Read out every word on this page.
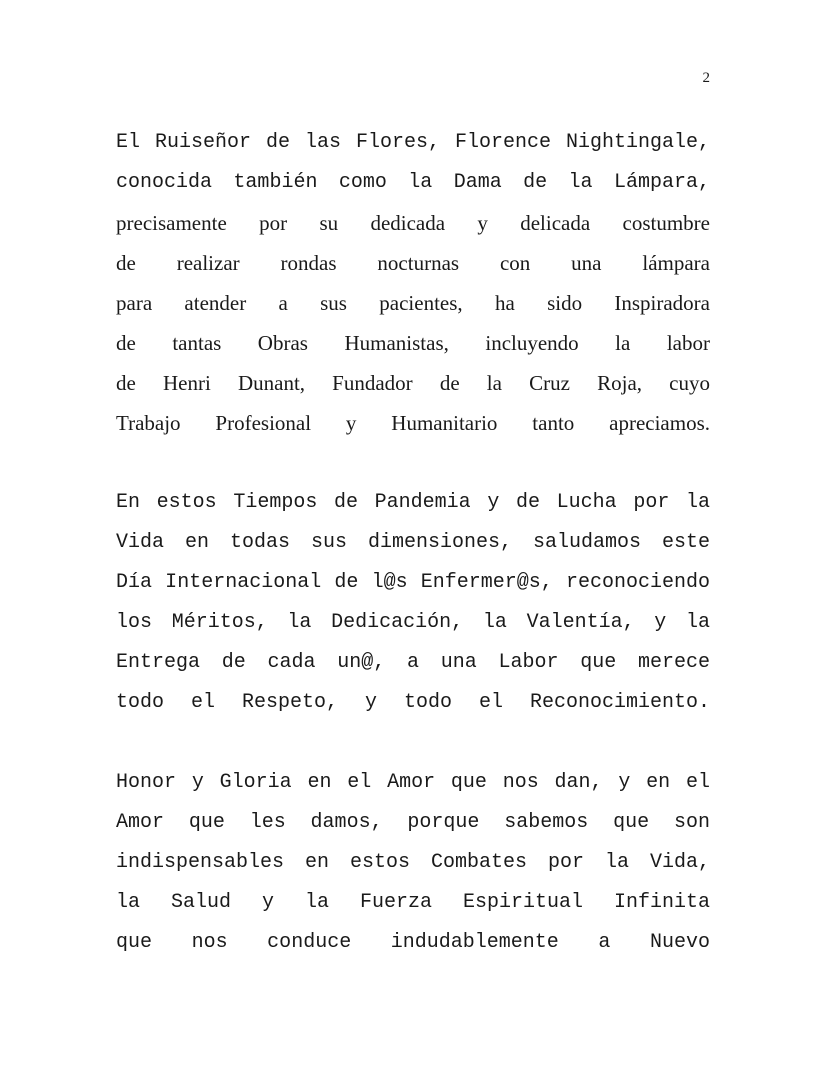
2

El Ruiseñor de las Flores, Florence Nightingale,
conocida también como la Dama de la Lámpara,
precisamente por su dedicada y delicada costumbre
de realizar rondas nocturnas con una lámpara
para atender a sus pacientes, ha sido Inspiradora
de tantas Obras Humanistas, incluyendo la labor
de Henri Dunant, Fundador de la Cruz Roja, cuyo
Trabajo Profesional y Humanitario tanto apreciamos.

En estos Tiempos de Pandemia y de Lucha por la
Vida en todas sus dimensiones, saludamos este
Día Internacional de l@s Enfermer@s, reconociendo
los Méritos, la Dedicación, la Valentía, y la
Entrega de cada un@, a una Labor que merece
todo el Respeto, y todo el Reconocimiento.

Honor y Gloria en el Amor que nos dan, y en el
Amor que les damos, porque sabemos que son
indispensables en estos Combates por la Vida,
la Salud y la Fuerza Espiritual Infinita
que nos conduce indudablemente a Nuevo
